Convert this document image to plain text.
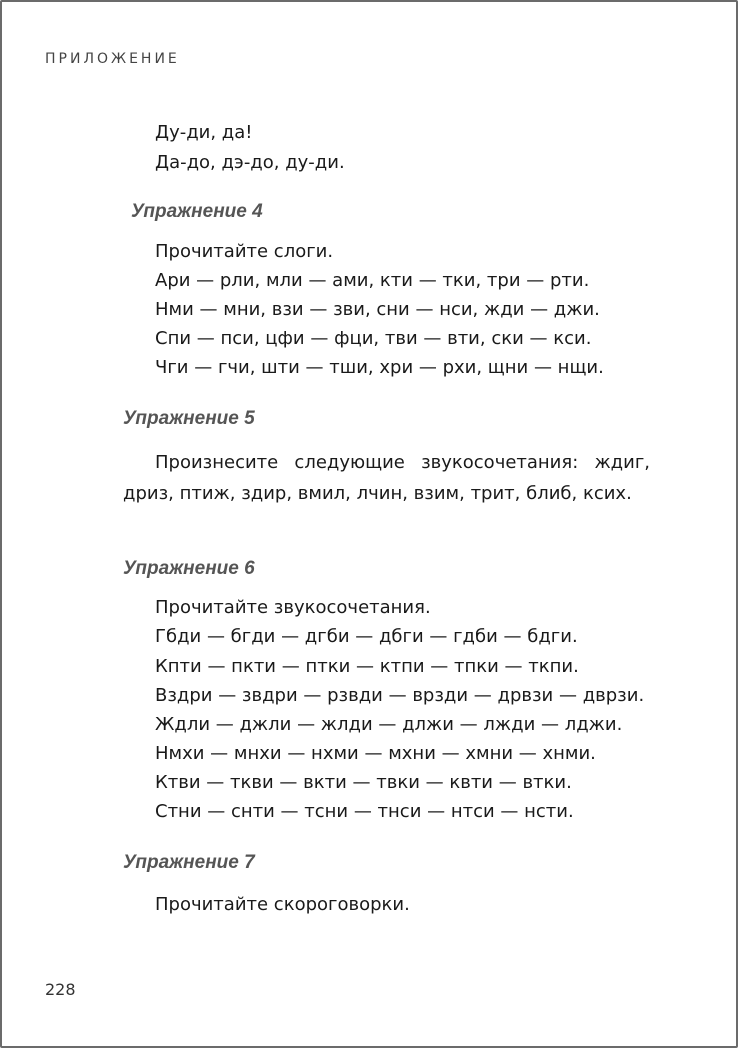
ПРИЛОЖЕНИЕ
Ду-ди, да!
Да-до, дэ-до, ду-ди.
Упражнение 4
Прочитайте слоги.
Ари — рли, мли — ами, кти — тки, три — рти.
Нми — мни, взи — зви, сни — нси, жди — джи.
Спи — пси, цфи — фци, тви — вти, ски — кси.
Чги — гчи, шти — тши, хри — рхи, щни — нщи.
Упражнение 5
Произнесите следующие звукосочетания: ждиг, дриз, птиж, здир, вмил, лчин, взим, трит, блиб, ксих.
Упражнение 6
Прочитайте звукосочетания.
Гбди — бгди — дгби — дбги — гдби — бдги.
Кпти — пкти — птки — ктпи — тпки — ткпи.
Вздри — звдри — рзвди — врзди — дрвзи — дврзи.
Ждли — джли — жлди — длжи — лжди — лджи.
Нмхи — мнхи — нхми — мхни — хмни — хнми.
Ктви — ткви — вкти — твки — квти — втки.
Стни — снти — тсни — тнси — нтси — нсти.
Упражнение 7
Прочитайте скороговорки.
228
